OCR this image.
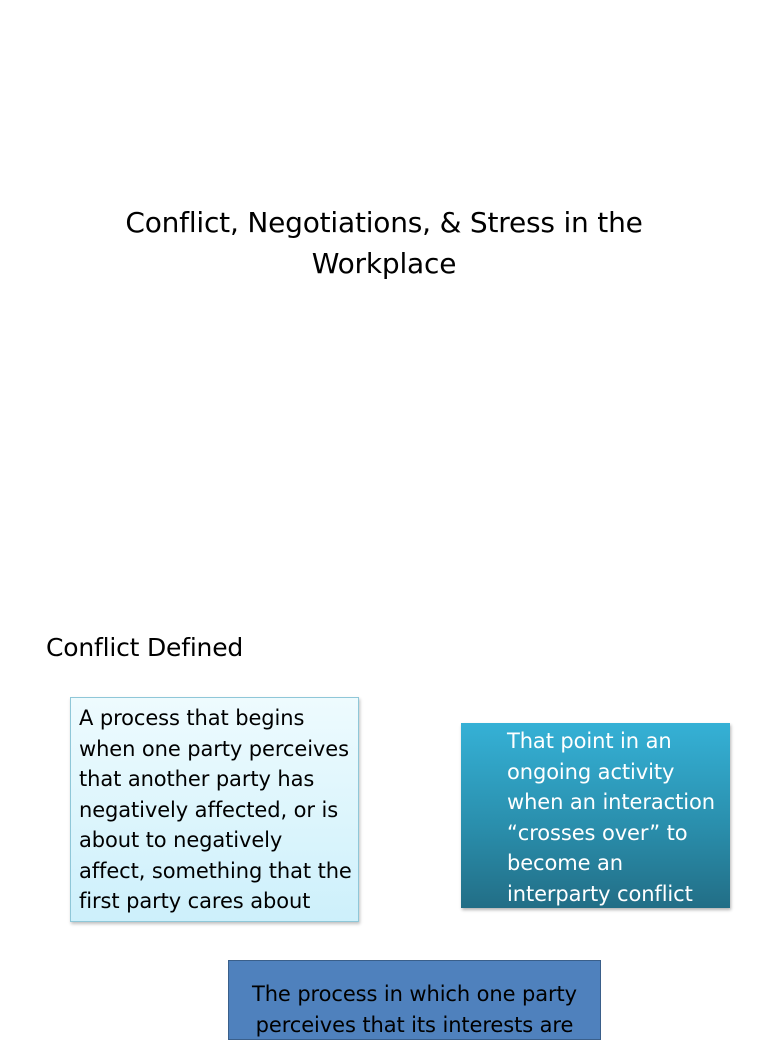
Conflict, Negotiations, & Stress in the Workplace
Conflict Defined
A process that begins when one party perceives that another party has negatively affected, or is about to negatively affect, something that the first party cares about
That point in an ongoing activity when an interaction “crosses over” to become an interparty conflict
The process in which one party perceives that its interests are
